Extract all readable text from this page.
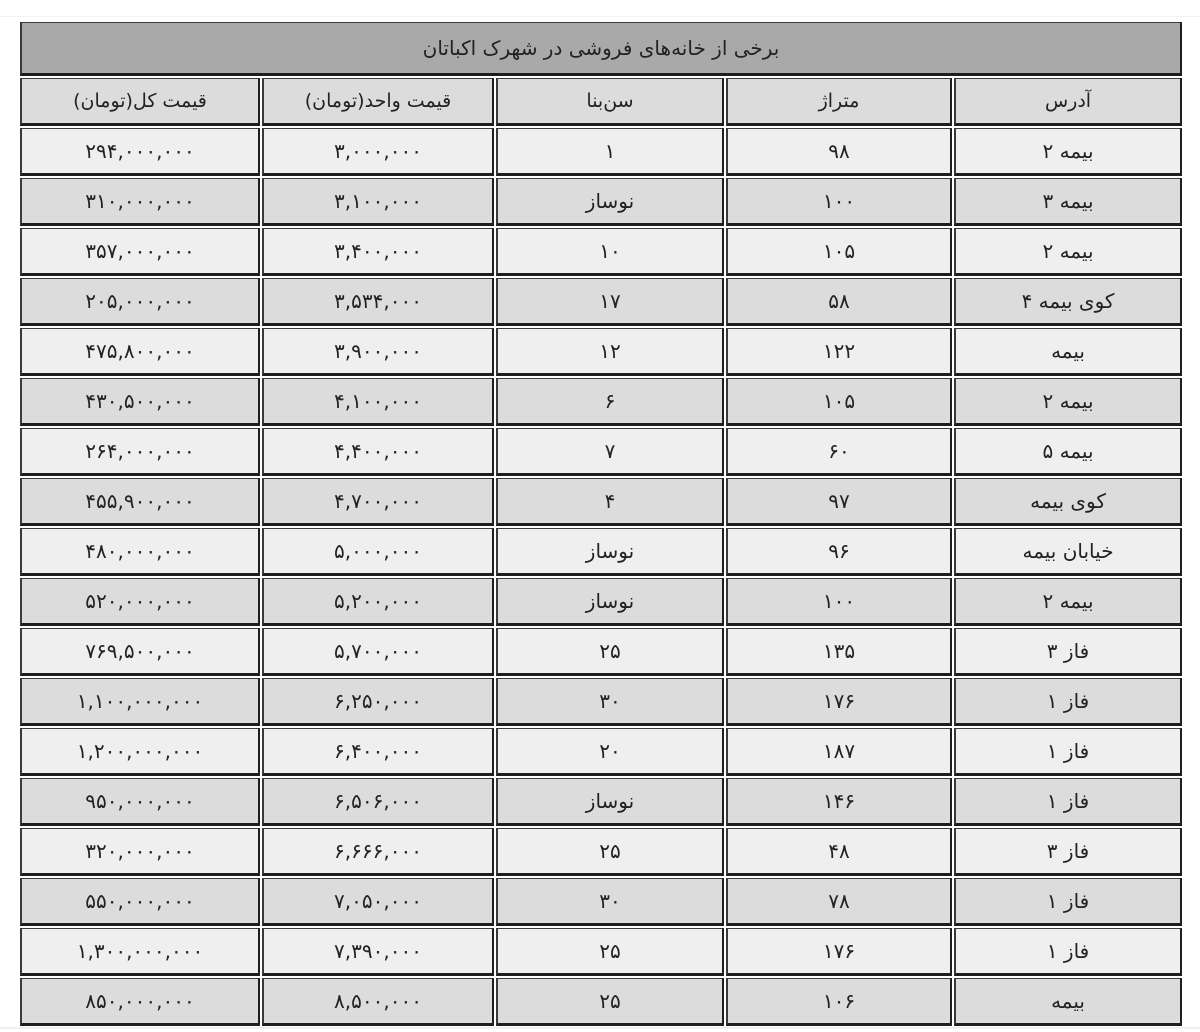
برخی از خانه‌های فروشی در شهرک اکباتان				
آدرس	متراژ	سن‌بنا	قیمت واحد(تومان)	قیمت کل(تومان)
بیمه ۲	۹۸	۱	۳,۰۰۰,۰۰۰	۲۹۴,۰۰۰,۰۰۰
بیمه ۳	۱۰۰	نوساز	۳,۱۰۰,۰۰۰	۳۱۰,۰۰۰,۰۰۰
بیمه ۲	۱۰۵	۱۰	۳,۴۰۰,۰۰۰	۳۵۷,۰۰۰,۰۰۰
کوی بیمه ۴	۵۸	۱۷	۳,۵۳۴,۰۰۰	۲۰۵,۰۰۰,۰۰۰
بیمه	۱۲۲	۱۲	۳,۹۰۰,۰۰۰	۴۷۵,۸۰۰,۰۰۰
بیمه ۲	۱۰۵	۶	۴,۱۰۰,۰۰۰	۴۳۰,۵۰۰,۰۰۰
بیمه ۵	۶۰	۷	۴,۴۰۰,۰۰۰	۲۶۴,۰۰۰,۰۰۰
کوی بیمه	۹۷	۴	۴,۷۰۰,۰۰۰	۴۵۵,۹۰۰,۰۰۰
خیابان بیمه	۹۶	نوساز	۵,۰۰۰,۰۰۰	۴۸۰,۰۰۰,۰۰۰
بیمه ۲	۱۰۰	نوساز	۵,۲۰۰,۰۰۰	۵۲۰,۰۰۰,۰۰۰
فاز ۳	۱۳۵	۲۵	۵,۷۰۰,۰۰۰	۷۶۹,۵۰۰,۰۰۰
فاز ۱	۱۷۶	۳۰	۶,۲۵۰,۰۰۰	۱,۱۰۰,۰۰۰,۰۰۰
فاز ۱	۱۸۷	۲۰	۶,۴۰۰,۰۰۰	۱,۲۰۰,۰۰۰,۰۰۰
فاز ۱	۱۴۶	نوساز	۶,۵۰۶,۰۰۰	۹۵۰,۰۰۰,۰۰۰
فاز ۳	۴۸	۲۵	۶,۶۶۶,۰۰۰	۳۲۰,۰۰۰,۰۰۰
فاز ۱	۷۸	۳۰	۷,۰۵۰,۰۰۰	۵۵۰,۰۰۰,۰۰۰
فاز ۱	۱۷۶	۲۵	۷,۳۹۰,۰۰۰	۱,۳۰۰,۰۰۰,۰۰۰
بیمه	۱۰۶	۲۵	۸,۵۰۰,۰۰۰	۸۵۰,۰۰۰,۰۰۰
